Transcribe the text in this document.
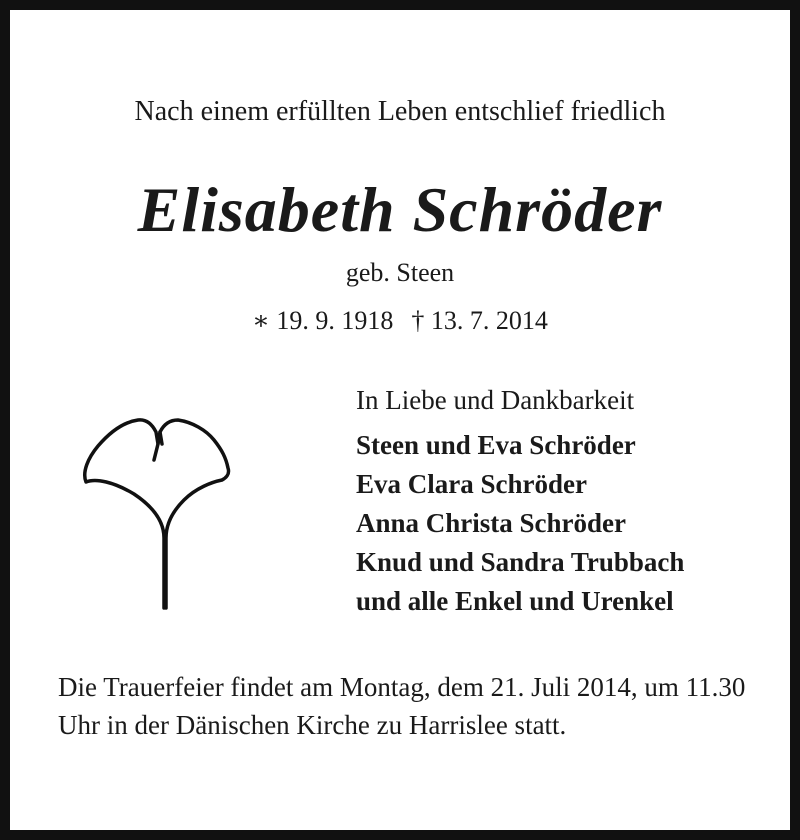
Nach einem erfüllten Leben entschlief friedlich
Elisabeth Schröder
geb. Steen
∗ 19. 9. 1918 † 13. 7. 2014
In Liebe und Dankbarkeit
Steen und Eva Schröder
Eva Clara Schröder
Anna Christa Schröder
Knud und Sandra Trubbach
und alle Enkel und Urenkel

Die Trauerfeier findet am Montag, dem 21. Juli 2014, um 11.30 Uhr in der Dänischen Kirche zu Harrislee statt.
